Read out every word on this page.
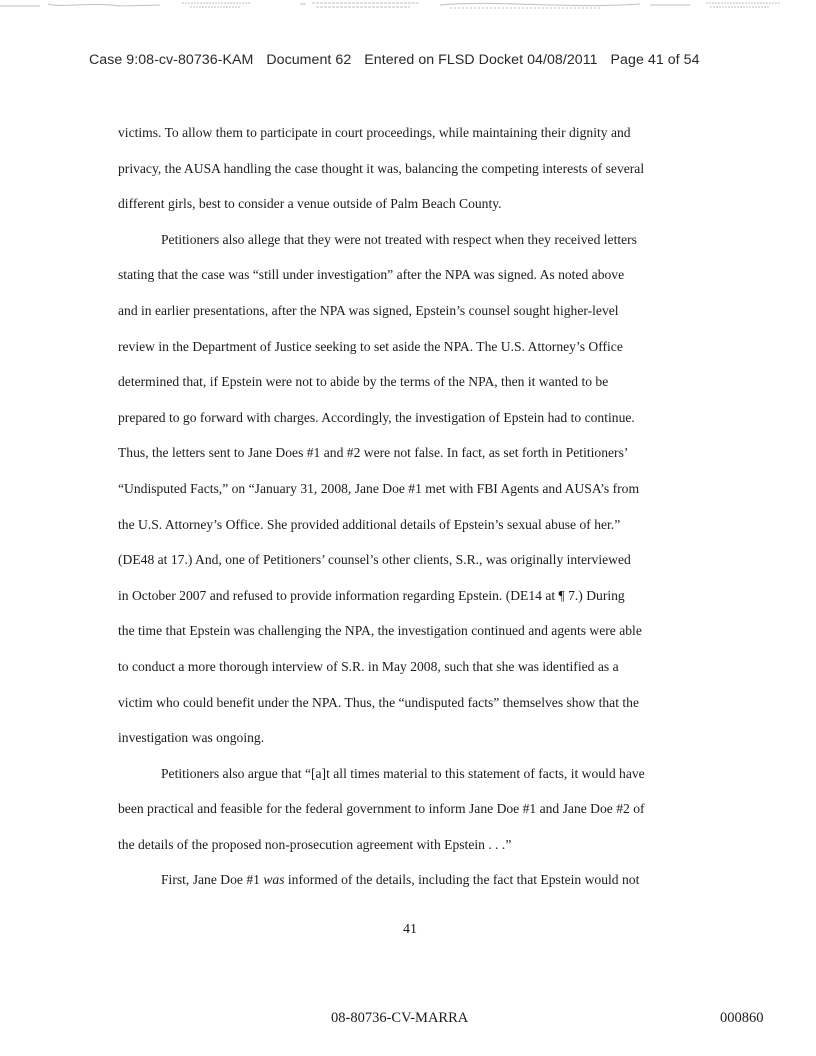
Case 9:08-cv-80736-KAM Document 62 Entered on FLSD Docket 04/08/2011 Page 41 of 54
victims. To allow them to participate in court proceedings, while maintaining their dignity and
privacy, the AUSA handling the case thought it was, balancing the competing interests of several
different girls, best to consider a venue outside of Palm Beach County.
Petitioners also allege that they were not treated with respect when they received letters
stating that the case was “still under investigation” after the NPA was signed. As noted above
and in earlier presentations, after the NPA was signed, Epstein’s counsel sought higher-level
review in the Department of Justice seeking to set aside the NPA. The U.S. Attorney’s Office
determined that, if Epstein were not to abide by the terms of the NPA, then it wanted to be
prepared to go forward with charges. Accordingly, the investigation of Epstein had to continue.
Thus, the letters sent to Jane Does #1 and #2 were not false. In fact, as set forth in Petitioners’
“Undisputed Facts,” on “January 31, 2008, Jane Doe #1 met with FBI Agents and AUSA’s from
the U.S. Attorney’s Office. She provided additional details of Epstein’s sexual abuse of her.”
(DE48 at 17.) And, one of Petitioners’ counsel’s other clients, S.R., was originally interviewed
in October 2007 and refused to provide information regarding Epstein. (DE14 at ¶ 7.) During
the time that Epstein was challenging the NPA, the investigation continued and agents were able
to conduct a more thorough interview of S.R. in May 2008, such that she was identified as a
victim who could benefit under the NPA. Thus, the “undisputed facts” themselves show that the
investigation was ongoing.
Petitioners also argue that “[a]t all times material to this statement of facts, it would have
been practical and feasible for the federal government to inform Jane Doe #1 and Jane Doe #2 of
the details of the proposed non-prosecution agreement with Epstein . . .”
First, Jane Doe #1 was informed of the details, including the fact that Epstein would not
41
08-80736-CV-MARRA	000860
